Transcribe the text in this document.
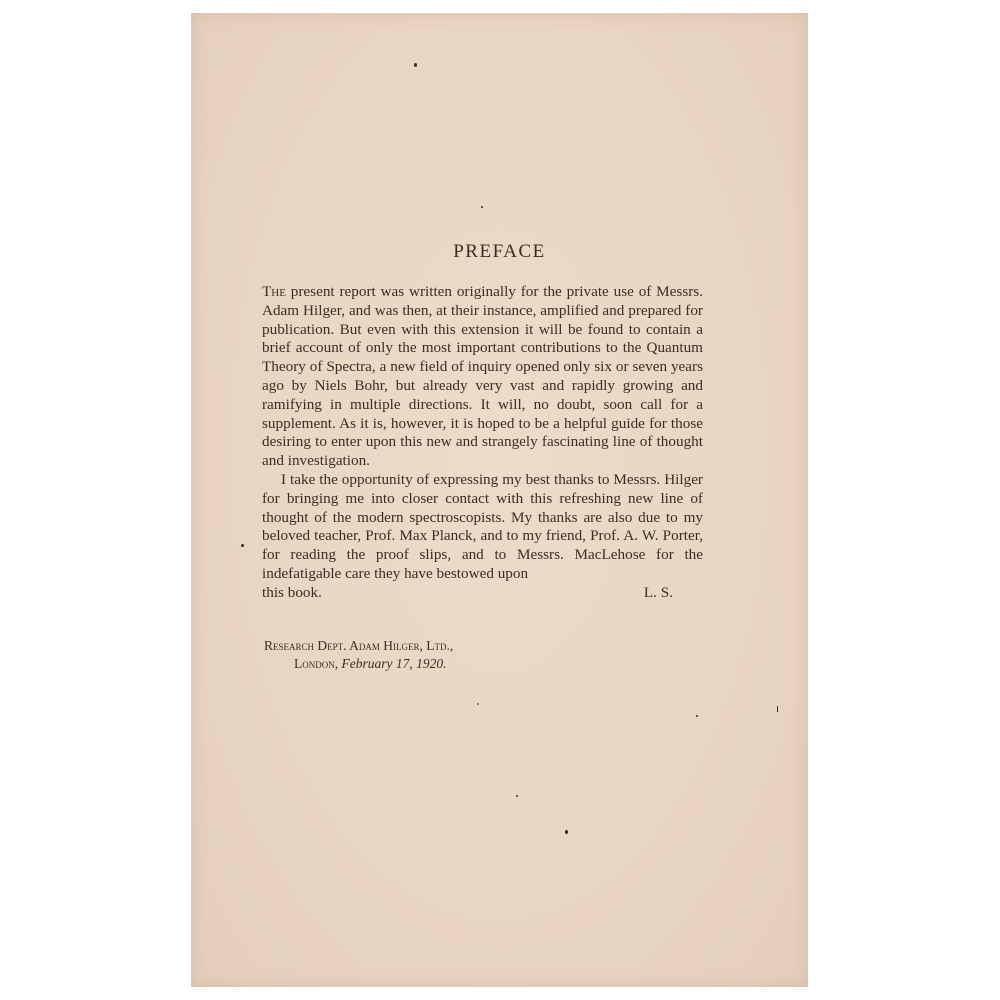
PREFACE

The present report was written originally for the private use of Messrs. Adam Hilger, and was then, at their instance, amplified and prepared for publication. But even with this extension it will be found to contain a brief account of only the most important contributions to the Quantum Theory of Spectra, a new field of inquiry opened only six or seven years ago by Niels Bohr, but already very vast and rapidly growing and ramifying in multiple directions. It will, no doubt, soon call for a supplement. As it is, however, it is hoped to be a helpful guide for those desiring to enter upon this new and strangely fascinating line of thought and investigation.

I take the opportunity of expressing my best thanks to Messrs. Hilger for bringing me into closer contact with this refreshing new line of thought of the modern spectroscopists. My thanks are also due to my beloved teacher, Prof. Max Planck, and to my friend, Prof. A. W. Porter, for reading the proof slips, and to Messrs. MacLehose for the indefatigable care they have bestowed upon

this book.	L. S.
Research Dept. Adam Hilger, Ltd.,
London, February 17, 1920.
